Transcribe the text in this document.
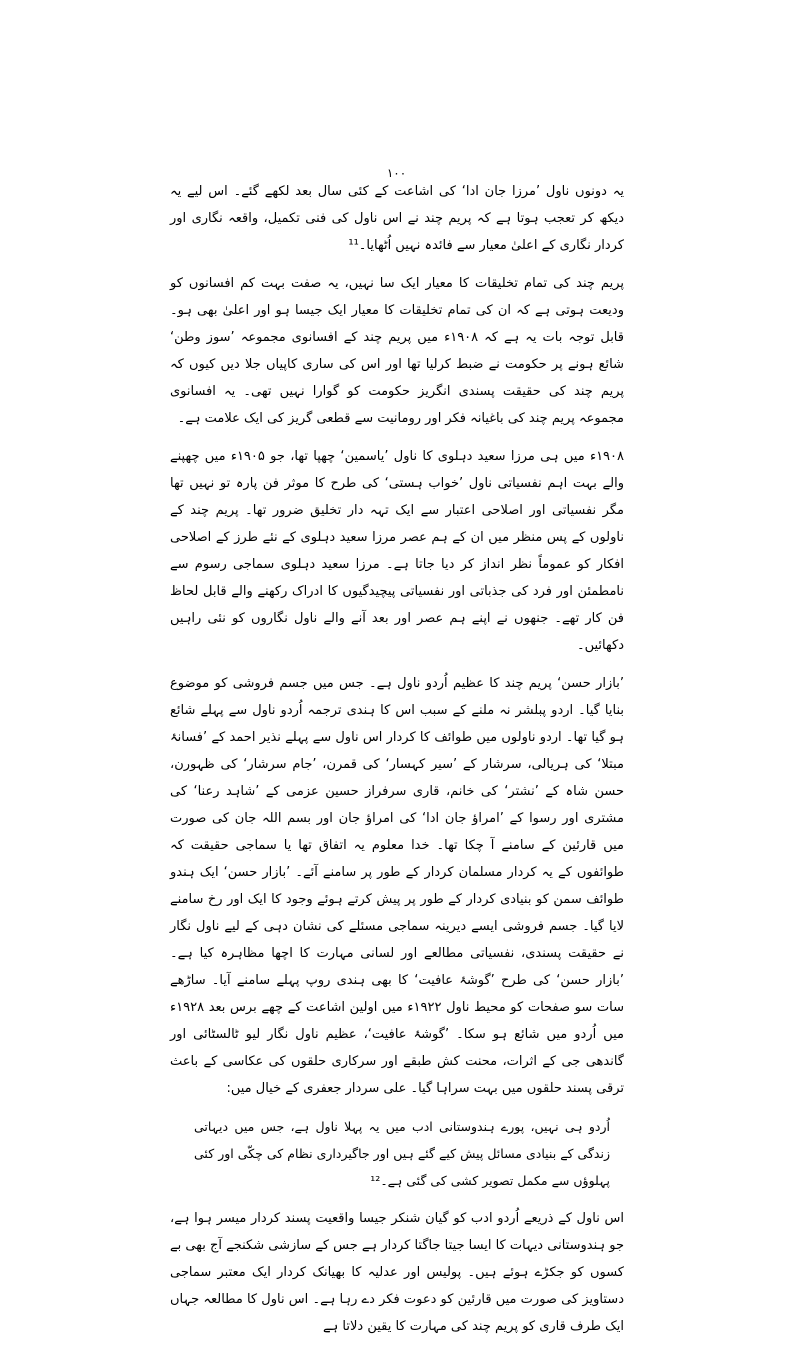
۱۰۰

یہ دونوں ناول ’مرزا جان ادا‘ کی اشاعت کے کئی سال بعد لکھے گئے۔ اس لیے یہ دیکھ کر تعجب ہوتا ہے کہ پریم چند نے اس ناول کی فنی تکمیل، واقعہ نگاری اور کردار نگاری کے اعلیٰ معیار سے فائدہ نہیں اُٹھایا۔¹¹

پریم چند کی تمام تخلیقات کا معیار ایک سا نہیں، یہ صفت بہت کم افسانوں کو ودیعت ہوتی ہے کہ ان کی تمام تخلیقات کا معیار ایک جیسا ہو اور اعلیٰ بھی ہو۔ قابل توجہ بات یہ ہے کہ ۱۹۰۸ء میں پریم چند کے افسانوی مجموعہ ’سوز وطن‘ شائع ہونے پر حکومت نے ضبط کرلیا تھا اور اس کی ساری کاپیاں جلا دیں کیوں کہ پریم چند کی حقیقت پسندی انگریز حکومت کو گوارا نہیں تھی۔ یہ افسانوی مجموعہ پریم چند کی باغیانہ فکر اور رومانیت سے قطعی گریز کی ایک علامت ہے۔

۱۹۰۸ء میں ہی مرزا سعید دہلوی کا ناول ’یاسمین‘ چھپا تھا، جو ۱۹۰۵ء میں چھپنے والے بہت اہم نفسیاتی ناول ’خواب ہستی‘ کی طرح کا موثر فن پارہ تو نہیں تھا مگر نفسیاتی اور اصلاحی اعتبار سے ایک تہہ دار تخلیق ضرور تھا۔ پریم چند کے ناولوں کے پس منظر میں ان کے ہم عصر مرزا سعید دہلوی کے نئے طرز کے اصلاحی افکار کو عموماً نظر انداز کر دیا جاتا ہے۔ مرزا سعید دہلوی سماجی رسوم سے نامطمئن اور فرد کی جذباتی اور نفسیاتی پیچیدگیوں کا ادراک رکھنے والے قابل لحاظ فن کار تھے۔ جنھوں نے اپنے ہم عصر اور بعد آنے والے ناول نگاروں کو نئی راہیں دکھائیں۔

’بازار حسن‘ پریم چند کا عظیم اُردو ناول ہے۔ جس میں جسم فروشی کو موضوع بنایا گیا۔ اردو پبلشر نہ ملنے کے سبب اس کا ہندی ترجمہ اُردو ناول سے پہلے شائع ہو گیا تھا۔ اردو ناولوں میں طوائف کا کردار اس ناول سے پہلے نذیر احمد کے ’فسانۂ مبتلا‘ کی ہریالی، سرشار کے ’سیر کہسار‘ کی قمرن، ’جام سرشار‘ کی ظہورن، حسن شاہ کے ’نشتر‘ کی خانم، قاری سرفراز حسین عزمی کے ’شاہد رعنا‘ کی مشتری اور رسوا کے ’امراؤ جان ادا‘ کی امراؤ جان اور بسم اللہ جان کی صورت میں قارئین کے سامنے آ چکا تھا۔ خدا معلوم یہ اتفاق تھا یا سماجی حقیقت کہ طوائفوں کے یہ کردار مسلمان کردار کے طور پر سامنے آئے۔ ’بازار حسن‘ ایک ہندو طوائف سمن کو بنیادی کردار کے طور پر پیش کرتے ہوئے وجود کا ایک اور رخ سامنے لایا گیا۔ جسم فروشی ایسے دیرینہ سماجی مسئلے کی نشان دہی کے لیے ناول نگار نے حقیقت پسندی، نفسیاتی مطالعے اور لسانی مہارت کا اچھا مظاہرہ کیا ہے۔ ’بازار حسن‘ کی طرح ’گوشۂ عافیت‘ کا بھی ہندی روپ پہلے سامنے آیا۔ ساڑھے سات سو صفحات کو محیط ناول ۱۹۲۲ء میں اولین اشاعت کے چھے برس بعد ۱۹۲۸ء میں اُردو میں شائع ہو سکا۔ ’گوشۂ عافیت‘، عظیم ناول نگار لیو ٹالسٹائی اور گاندھی جی کے اثرات، محنت کش طبقے اور سرکاری حلقوں کی عکاسی کے باعث ترقی پسند حلقوں میں بہت سراہا گیا۔ علی سردار جعفری کے خیال میں:

اُردو ہی نہیں، پورے ہندوستانی ادب میں یہ پہلا ناول ہے، جس میں دیہاتی زندگی کے بنیادی مسائل پیش کیے گئے ہیں اور جاگیرداری نظام کی چکّی اور کئی پہلوؤں سے مکمل تصویر کشی کی گئی ہے۔¹²

اس ناول کے ذریعے اُردو ادب کو گیان شنکر جیسا واقعیت پسند کردار میسر ہوا ہے، جو ہندوستانی دیہات کا ایسا جیتا جاگتا کردار ہے جس کے سازشی شکنجے آج بھی بے کسوں کو جکڑے ہوئے ہیں۔ پولیس اور عدلیہ کا بھیانک کردار ایک معتبر سماجی دستاویز کی صورت میں قارئین کو دعوت فکر دے رہا ہے۔ اس ناول کا مطالعہ جہاں ایک طرف قاری کو پریم چند کی مہارت کا یقین دلاتا ہے
